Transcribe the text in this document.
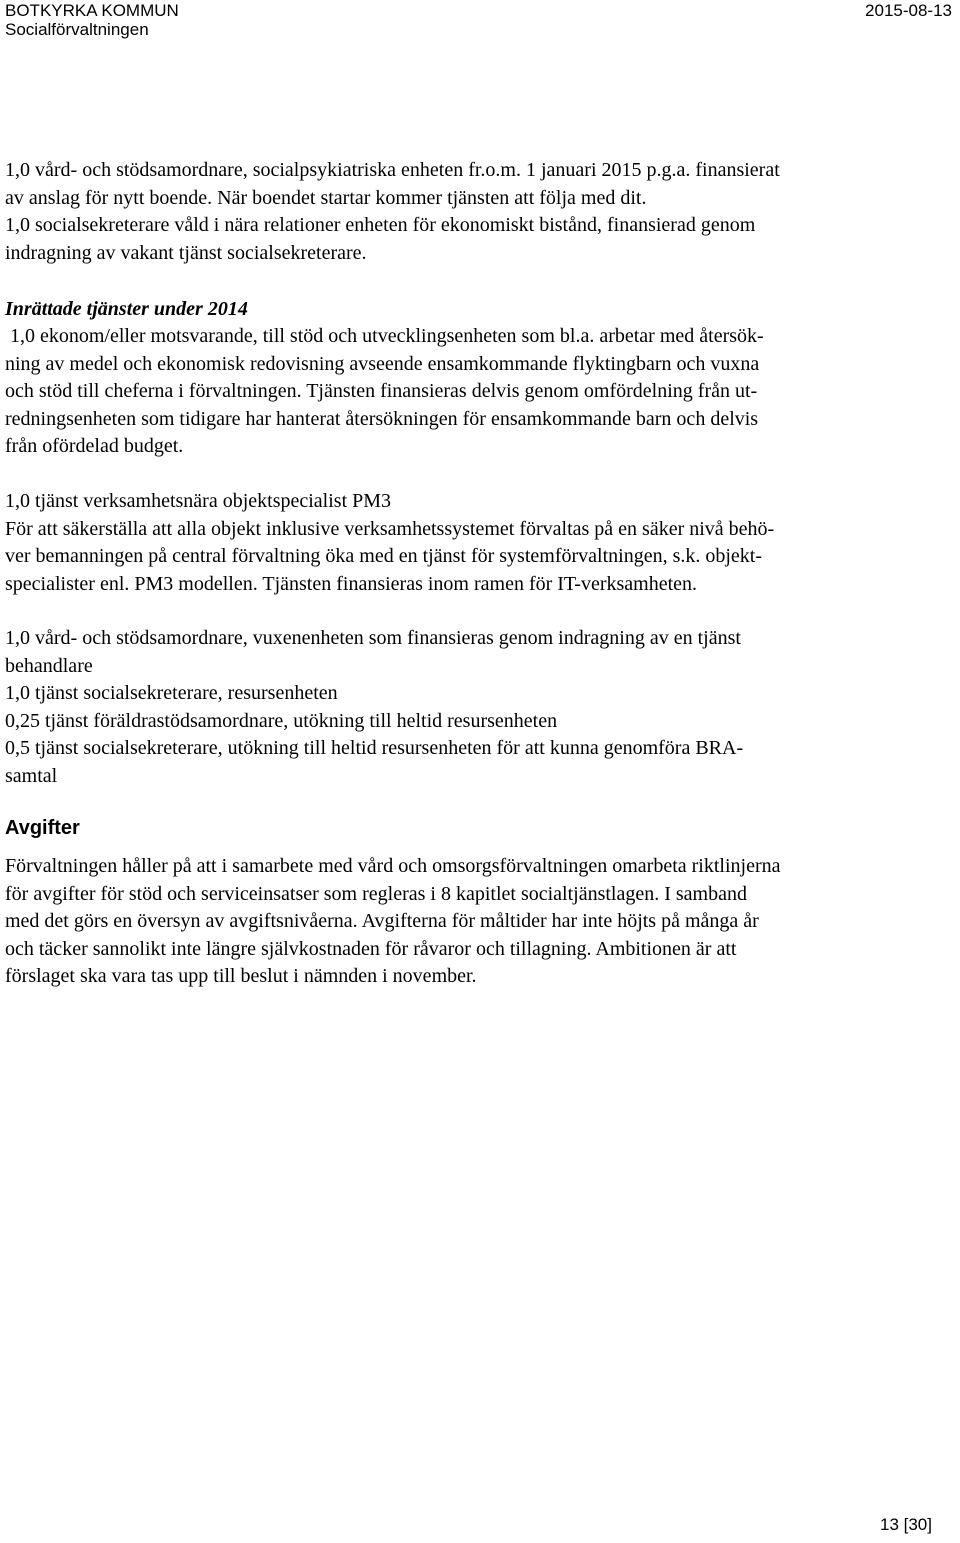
BOTKYRKA KOMMUN
Socialförvaltningen
2015-08-13
1,0 vård- och stödsamordnare, socialpsykiatriska enheten fr.o.m. 1 januari 2015 p.g.a. finansierat
av anslag för nytt boende. När boendet startar kommer tjänsten att följa med dit.
1,0 socialsekreterare våld i nära relationer enheten för ekonomiskt bistånd, finansierad genom
indragning av vakant tjänst socialsekreterare.
Inrättade tjänster under 2014
1,0 ekonom/eller motsvarande, till stöd och utvecklingsenheten som bl.a. arbetar med återsök-
ning av medel och ekonomisk redovisning avseende ensamkommande flyktingbarn och vuxna
och stöd till cheferna i förvaltningen. Tjänsten finansieras delvis genom omfördelning från ut-
redningsenheten som tidigare har hanterat återsökningen för ensamkommande barn och delvis
från ofördelad budget.
1,0 tjänst verksamhetsnära objektspecialist PM3
För att säkerställa att alla objekt inklusive verksamhetssystemet förvaltas på en säker nivå behö-
ver bemanningen på central förvaltning öka med en tjänst för systemförvaltningen, s.k. objekt-
specialister enl. PM3 modellen. Tjänsten finansieras inom ramen för IT-verksamheten.
1,0 vård- och stödsamordnare, vuxenenheten som finansieras genom indragning av en tjänst
behandlare
1,0 tjänst socialsekreterare, resursenheten
0,25 tjänst föräldrastödsamordnare, utökning till heltid resursenheten
0,5 tjänst socialsekreterare, utökning till heltid resursenheten för att kunna genomföra BRA-
samtal
Avgifter
Förvaltningen håller på att i samarbete med vård och omsorgsförvaltningen omarbeta riktlinjerna
för avgifter för stöd och serviceinsatser som regleras i 8 kapitlet socialtjänstlagen. I samband
med det görs en översyn av avgiftsnivåerna. Avgifterna för måltider har inte höjts på många år
och täcker sannolikt inte längre självkostnaden för råvaror och tillagning. Ambitionen är att
förslaget ska vara tas upp till beslut i nämnden i november.
13 [30]
